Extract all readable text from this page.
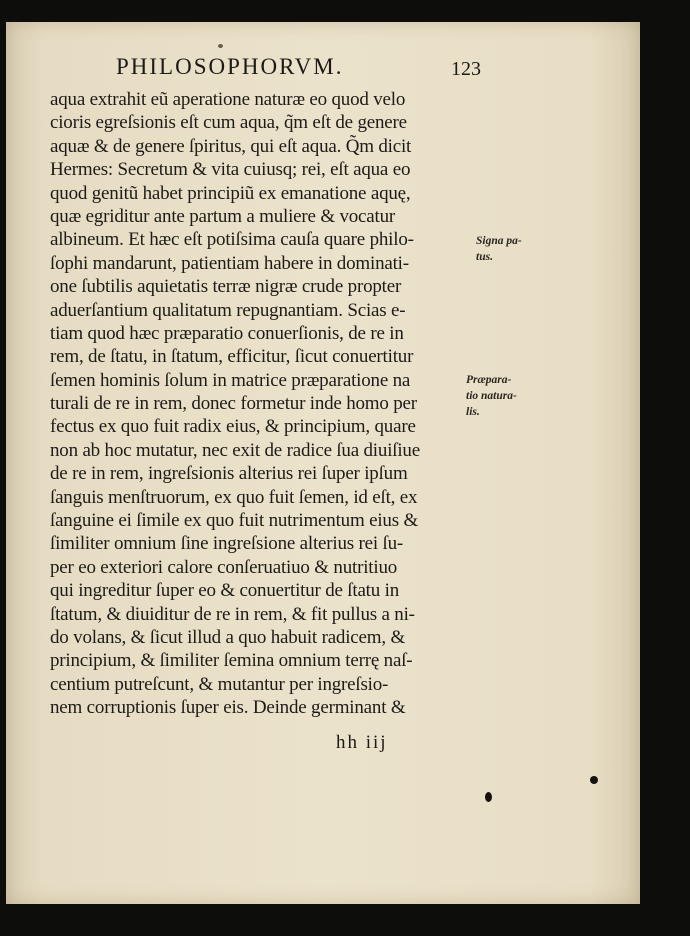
PHILOSOPHORVM.	123
aqua extrahit eũ aperatione naturæ eo quod velo
cioris egreſsionis eſt cum aqua, q̃m eſt de genere
aquæ & de genere ſpiritus, qui eſt aqua. Q̃m dicit
Hermes: Secretum & vita cuiusq; rei, eſt aqua eo
quod genitũ habet principiũ ex emanatione aquę,
quæ egriditur ante partum a muliere & vocatur
albineum. Et hæc eſt potiſsima cauſa quare philo-
ſophi mandarunt, patientiam habere in dominati-
one ſubtilis aquietatis terræ nigræ crude propter
aduerſantium qualitatum repugnantiam. Scias e-
tiam quod hæc præparatio conuerſionis, de re in
rem, de ſtatu, in ſtatum, efficitur, ſicut conuertitur
ſemen hominis ſolum in matrice præparatione na
turali de re in rem, donec formetur inde homo per
fectus ex quo fuit radix eius, & principium, quare
non ab hoc mutatur, nec exit de radice ſua diuiſiue
de re in rem, ingreſsionis alterius rei ſuper ipſum
ſanguis menſtruorum, ex quo fuit ſemen, id eſt, ex
ſanguine ei ſimile ex quo fuit nutrimentum eius &
ſimiliter omnium ſine ingreſsione alterius rei ſu-
per eo exteriori calore conſeruatiuo & nutritiuo
qui ingreditur ſuper eo & conuertitur de ſtatu in
ſtatum, & diuiditur de re in rem, & fit pullus a ni-
do volans, & ſicut illud a quo habuit radicem, &
principium, & ſimiliter ſemina omnium terrę naſ-
centium putreſcunt, & mutantur per ingreſsio-
nem corruptionis ſuper eis. Deinde germinant &
Signa pa-
tus.
Præpara-
tio natura-
lis.
hh iij
